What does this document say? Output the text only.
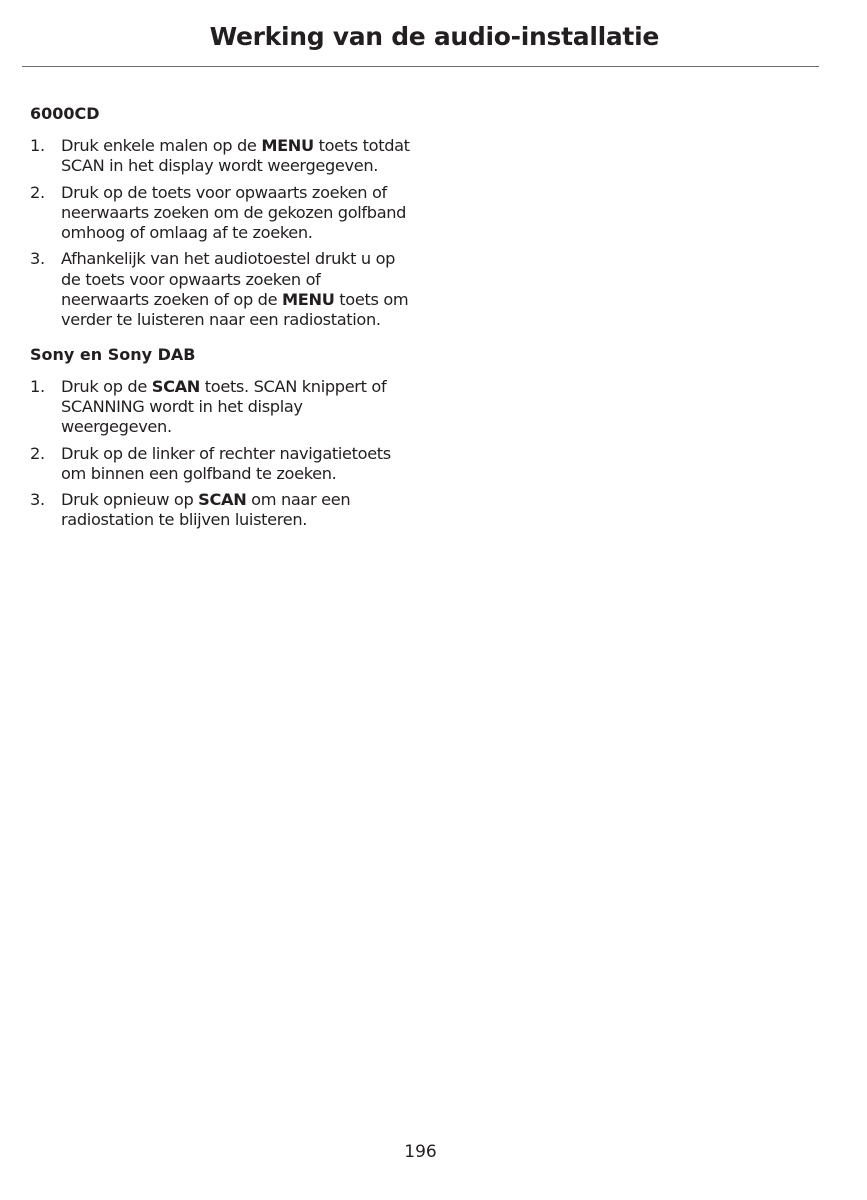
Werking van de audio-installatie
6000CD
1. Druk enkele malen op de MENU toets totdat SCAN in het display wordt weergegeven.
2. Druk op de toets voor opwaarts zoeken of neerwaarts zoeken om de gekozen golfband omhoog of omlaag af te zoeken.
3. Afhankelijk van het audiotoestel drukt u op de toets voor opwaarts zoeken of neerwaarts zoeken of op de MENU toets om verder te luisteren naar een radiostation.
Sony en Sony DAB
1. Druk op de SCAN toets. SCAN knippert of SCANNING wordt in het display weergegeven.
2. Druk op de linker of rechter navigatietoets om binnen een golfband te zoeken.
3. Druk opnieuw op SCAN om naar een radiostation te blijven luisteren.
196
